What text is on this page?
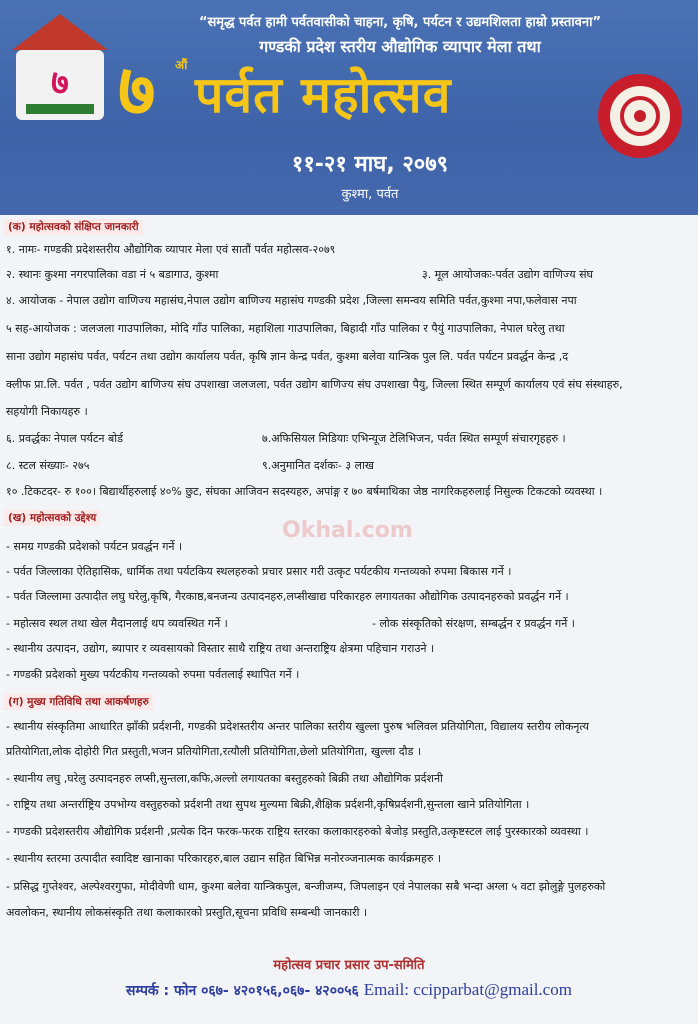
७
“समृद्ध पर्वत हामी पर्वतवासीको चाहना, कृषि, पर्यटन र उद्यमशिलता हाम्रो प्रस्तावना”
गण्डकी प्रदेश स्तरीय औद्योगिक व्यापार मेला तथा
७ औं
पर्वत महोत्सव
११-२१ माघ, २०७९
कुश्मा, पर्वत
(क) महोत्सवको संक्षिप्त जानकारी
१. नामः- गण्डकी प्रदेशस्तरीय औद्योगिक व्यापार मेला एवं सातौं पर्वत महोत्सव-२०७९
२. स्थानः कुश्मा नगरपालिका वडा नं ५ बडागाउ, कुश्मा	३. मूल आयोजकः-पर्वत उद्योग वाणिज्य संघ
४. आयोजक - नेपाल उद्योग वाणिज्य महासंघ,नेपाल उद्योग बाणिज्य महासंघ गण्डकी प्रदेश ,जिल्ला समन्वय समिति पर्वत,कुश्मा नपा,फलेवास नपा
५ सह-आयोजक : जलजला गाउपालिका, मोदि गाँउ पालिका, महाशिला गाउपालिका, बिहादी गाँउ पालिका र पैयुं गाउपालिका, नेपाल घरेलु तथा
साना उद्योग महासंघ पर्वत, पर्यटन तथा उद्योग कार्यालय पर्वत, कृषि ज्ञान केन्द्र पर्वत, कुश्मा बलेवा यान्त्रिक पुल लि. पर्वत पर्यटन प्रवर्द्धन केन्द्र ,द
क्लीफ प्रा.लि. पर्वत , पर्वत उद्योग बाणिज्य संघ उपशाखा जलजला, पर्वत उद्योग बाणिज्य संघ उपशाखा पैयु, जिल्ला स्थित सम्पूर्ण कार्यालय एवं संघ संस्थाहरु,
सहयोगी निकायहरु ।
६. प्रवर्द्धकः नेपाल पर्यटन बोर्ड	७.अफिसियल मिडियाः एभिन्यूज टेलिभिजन, पर्वत स्थित सम्पूर्ण संचारगृहहरु ।
८. स्टल संख्याः- २७५	९.अनुमानित दर्शकः- ३ लाख
१० .टिकटदर- रु १००। बिद्यार्थीहरुलाई ४०% छुट, संघका आजिवन सदस्यहरु, अपांङ्ग र ७० बर्षमाथिका जेष्ठ नागरिकहरुलाई निसुल्क टिकटको व्यवस्था ।
(ख) महोत्सवको उद्देश्य	Okhal.com
- समग्र गण्डकी प्रदेशको पर्यटन प्रवर्द्धन गर्ने ।
- पर्वत जिल्लाका ऐतिहासिक, धार्मिक तथा पर्यटकिय स्थलहरुको प्रचार प्रसार गरी उत्कृट पर्यटकीय गन्तव्यको रुपमा बिकास गर्ने ।
- पर्वत जिल्लामा उत्पादीत लघु घरेलु,कृषि, गैरकाष्ठ,बनजन्य उत्पादनहरु,लप्सीखाद्य परिकारहरु लगायतका औद्योगिक उत्पादनहरुको प्रवर्द्धन गर्ने ।
- महोत्सव स्थल तथा खेल मैदानलाई थप व्यवस्थित गर्ने ।	- लोक संस्कृतिको संरक्षण, सम्बर्द्धन र प्रवर्द्धन गर्ने ।
- स्थानीय उत्पादन, उद्योग, ब्यापार र व्यवसायको विस्तार साथै राष्ट्रिय तथा अन्तराष्ट्रिय क्षेत्रमा पहिचान गराउने ।
- गण्डकी प्रदेशको मुख्य पर्यटकीय गन्तव्यको रुपमा पर्वतलाई स्थापित गर्ने ।
(ग) मुख्य गतिविधि तथा आकर्षणहरु
- स्थानीय संस्कृतिमा आधारित झाँकी प्रर्दशनी, गण्डकी प्रदेशस्तरीय अन्तर पालिका स्तरीय खुल्ला पुरुष भलिवल प्रतियोगिता, विद्यालय स्तरीय लोकनृत्य
प्रतियोगिता,लोक दोहोरी गित प्रस्तुती,भजन प्रतियोगिता,रत्यौली प्रतियोगिता,छेलो प्रतियोगिता, खुल्ला दौड ।
- स्थानीय लघु ,घरेलु उत्पादनहरु लप्सी,सुन्तला,कफि,अल्लो लगायतका बस्तुहरुको बिक्री तथा औद्योगिक प्रर्दशनी
- राष्ट्रिय तथा अन्तर्राष्ट्रिय उपभोग्य वस्तुहरुको प्रर्दशनी तथा सुपथ मुल्यमा बिक्री,शैक्षिक प्रर्दशनी,कृषिप्रर्दशनी,सुन्तला खाने प्रतियोगिता ।
- गण्डकी प्रदेशस्तरीय औद्योगिक प्रर्दशनी ,प्रत्येक दिन फरक-फरक राष्ट्रिय स्तरका कलाकारहरुको बेजोड़ प्रस्तुति,उत्कृष्टस्टल लाई पुरस्कारको व्यवस्था ।
- स्थानीय स्तरमा उत्पादीत स्वादिष्ट खानाका परिकारहरु,बाल उद्यान सहित बिभिन्न मनोरञ्जनात्मक कार्यक्रमहरु ।
- प्रसिद्ध गुप्तेश्वर, अल्पेश्वरगुफा, मोदीवेणी धाम, कुश्मा बलेवा यान्त्रिकपुल, बन्जीजम्प, जिपलाइन एवं नेपालका सबै भन्दा अग्ला ५ वटा झोलुङ्गे पुलहरुको
अवलोकन, स्थानीय लोकसंस्कृति तथा कलाकारको प्रस्तुति,सूचना प्रविधि सम्बन्धी जानकारी ।
महोत्सव प्रचार प्रसार उप-समिति
सम्पर्क : फोन ०६७- ४२०१५६,०६७- ४२००५६ Email: ccipparbat@gmail.com
